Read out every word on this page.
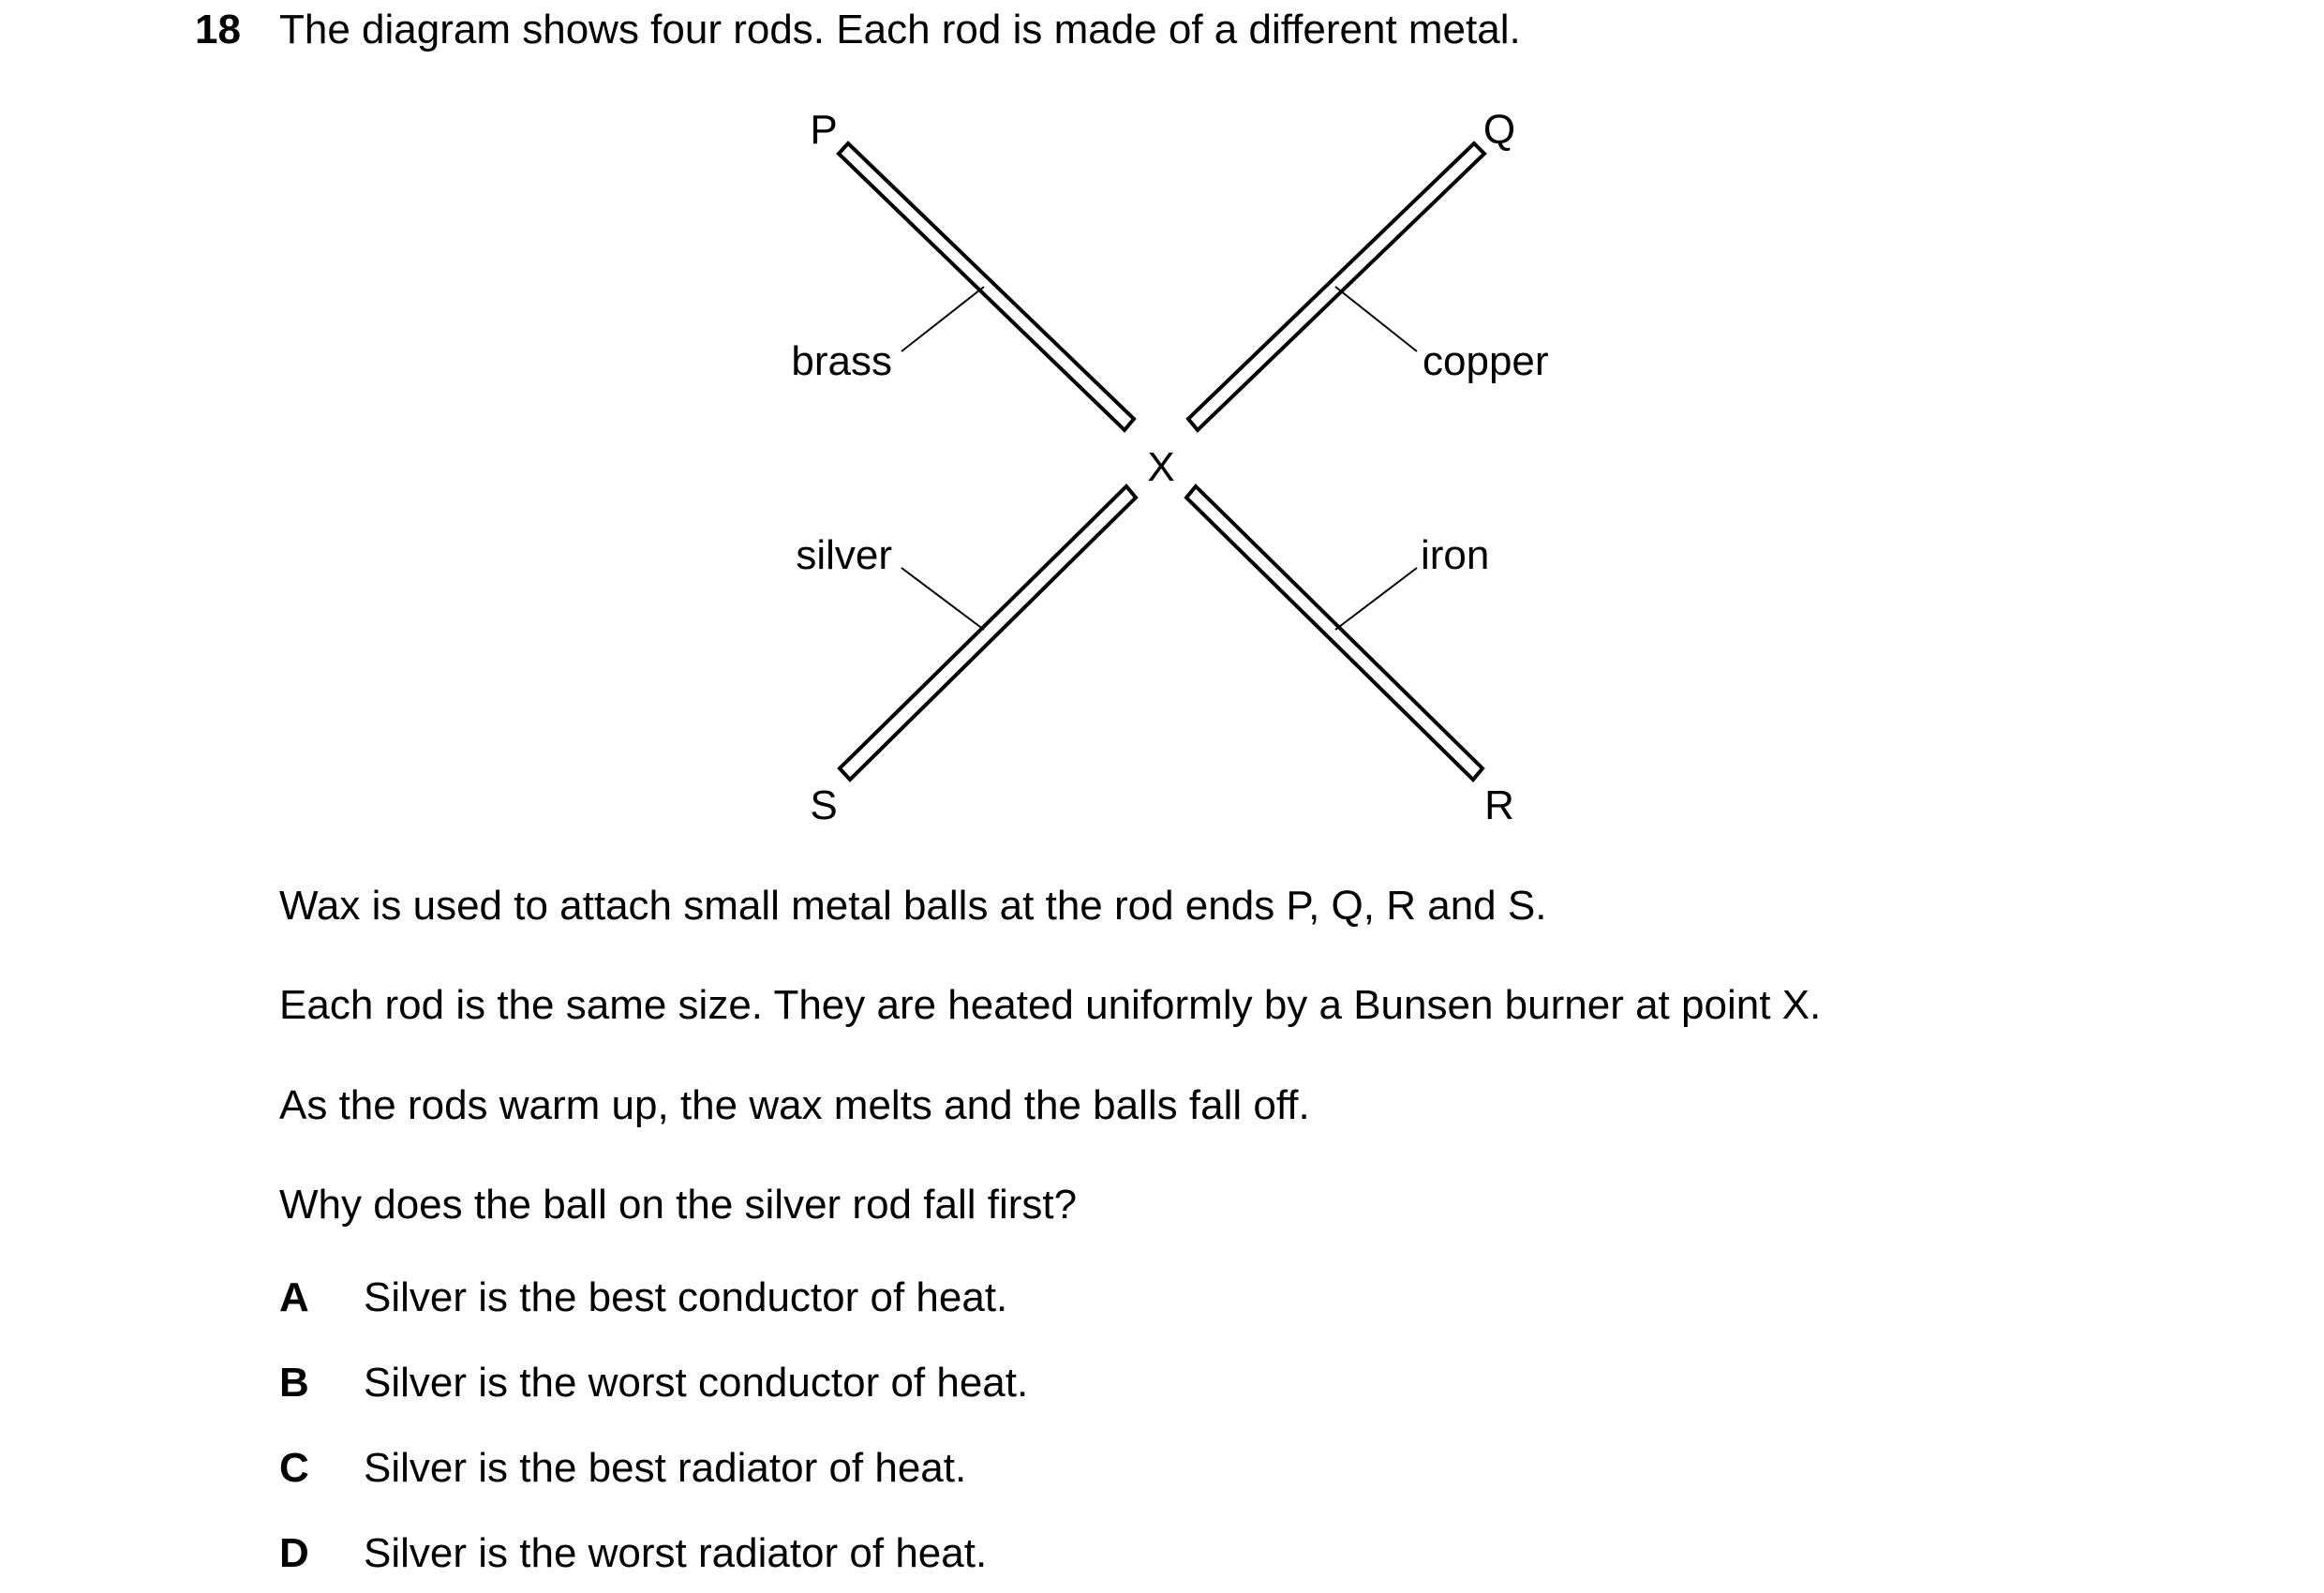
18 The diagram shows four rods. Each rod is made of a different metal.
P	Q
S	R
X
brass	copper
silver	iron
Wax is used to attach small metal balls at the rod ends P, Q, R and S.
Each rod is the same size. They are heated uniformly by a Bunsen burner at point X.
As the rods warm up, the wax melts and the balls fall off.
Why does the ball on the silver rod fall first?
A Silver is the best conductor of heat.
B Silver is the worst conductor of heat.
C Silver is the best radiator of heat.
D Silver is the worst radiator of heat.
